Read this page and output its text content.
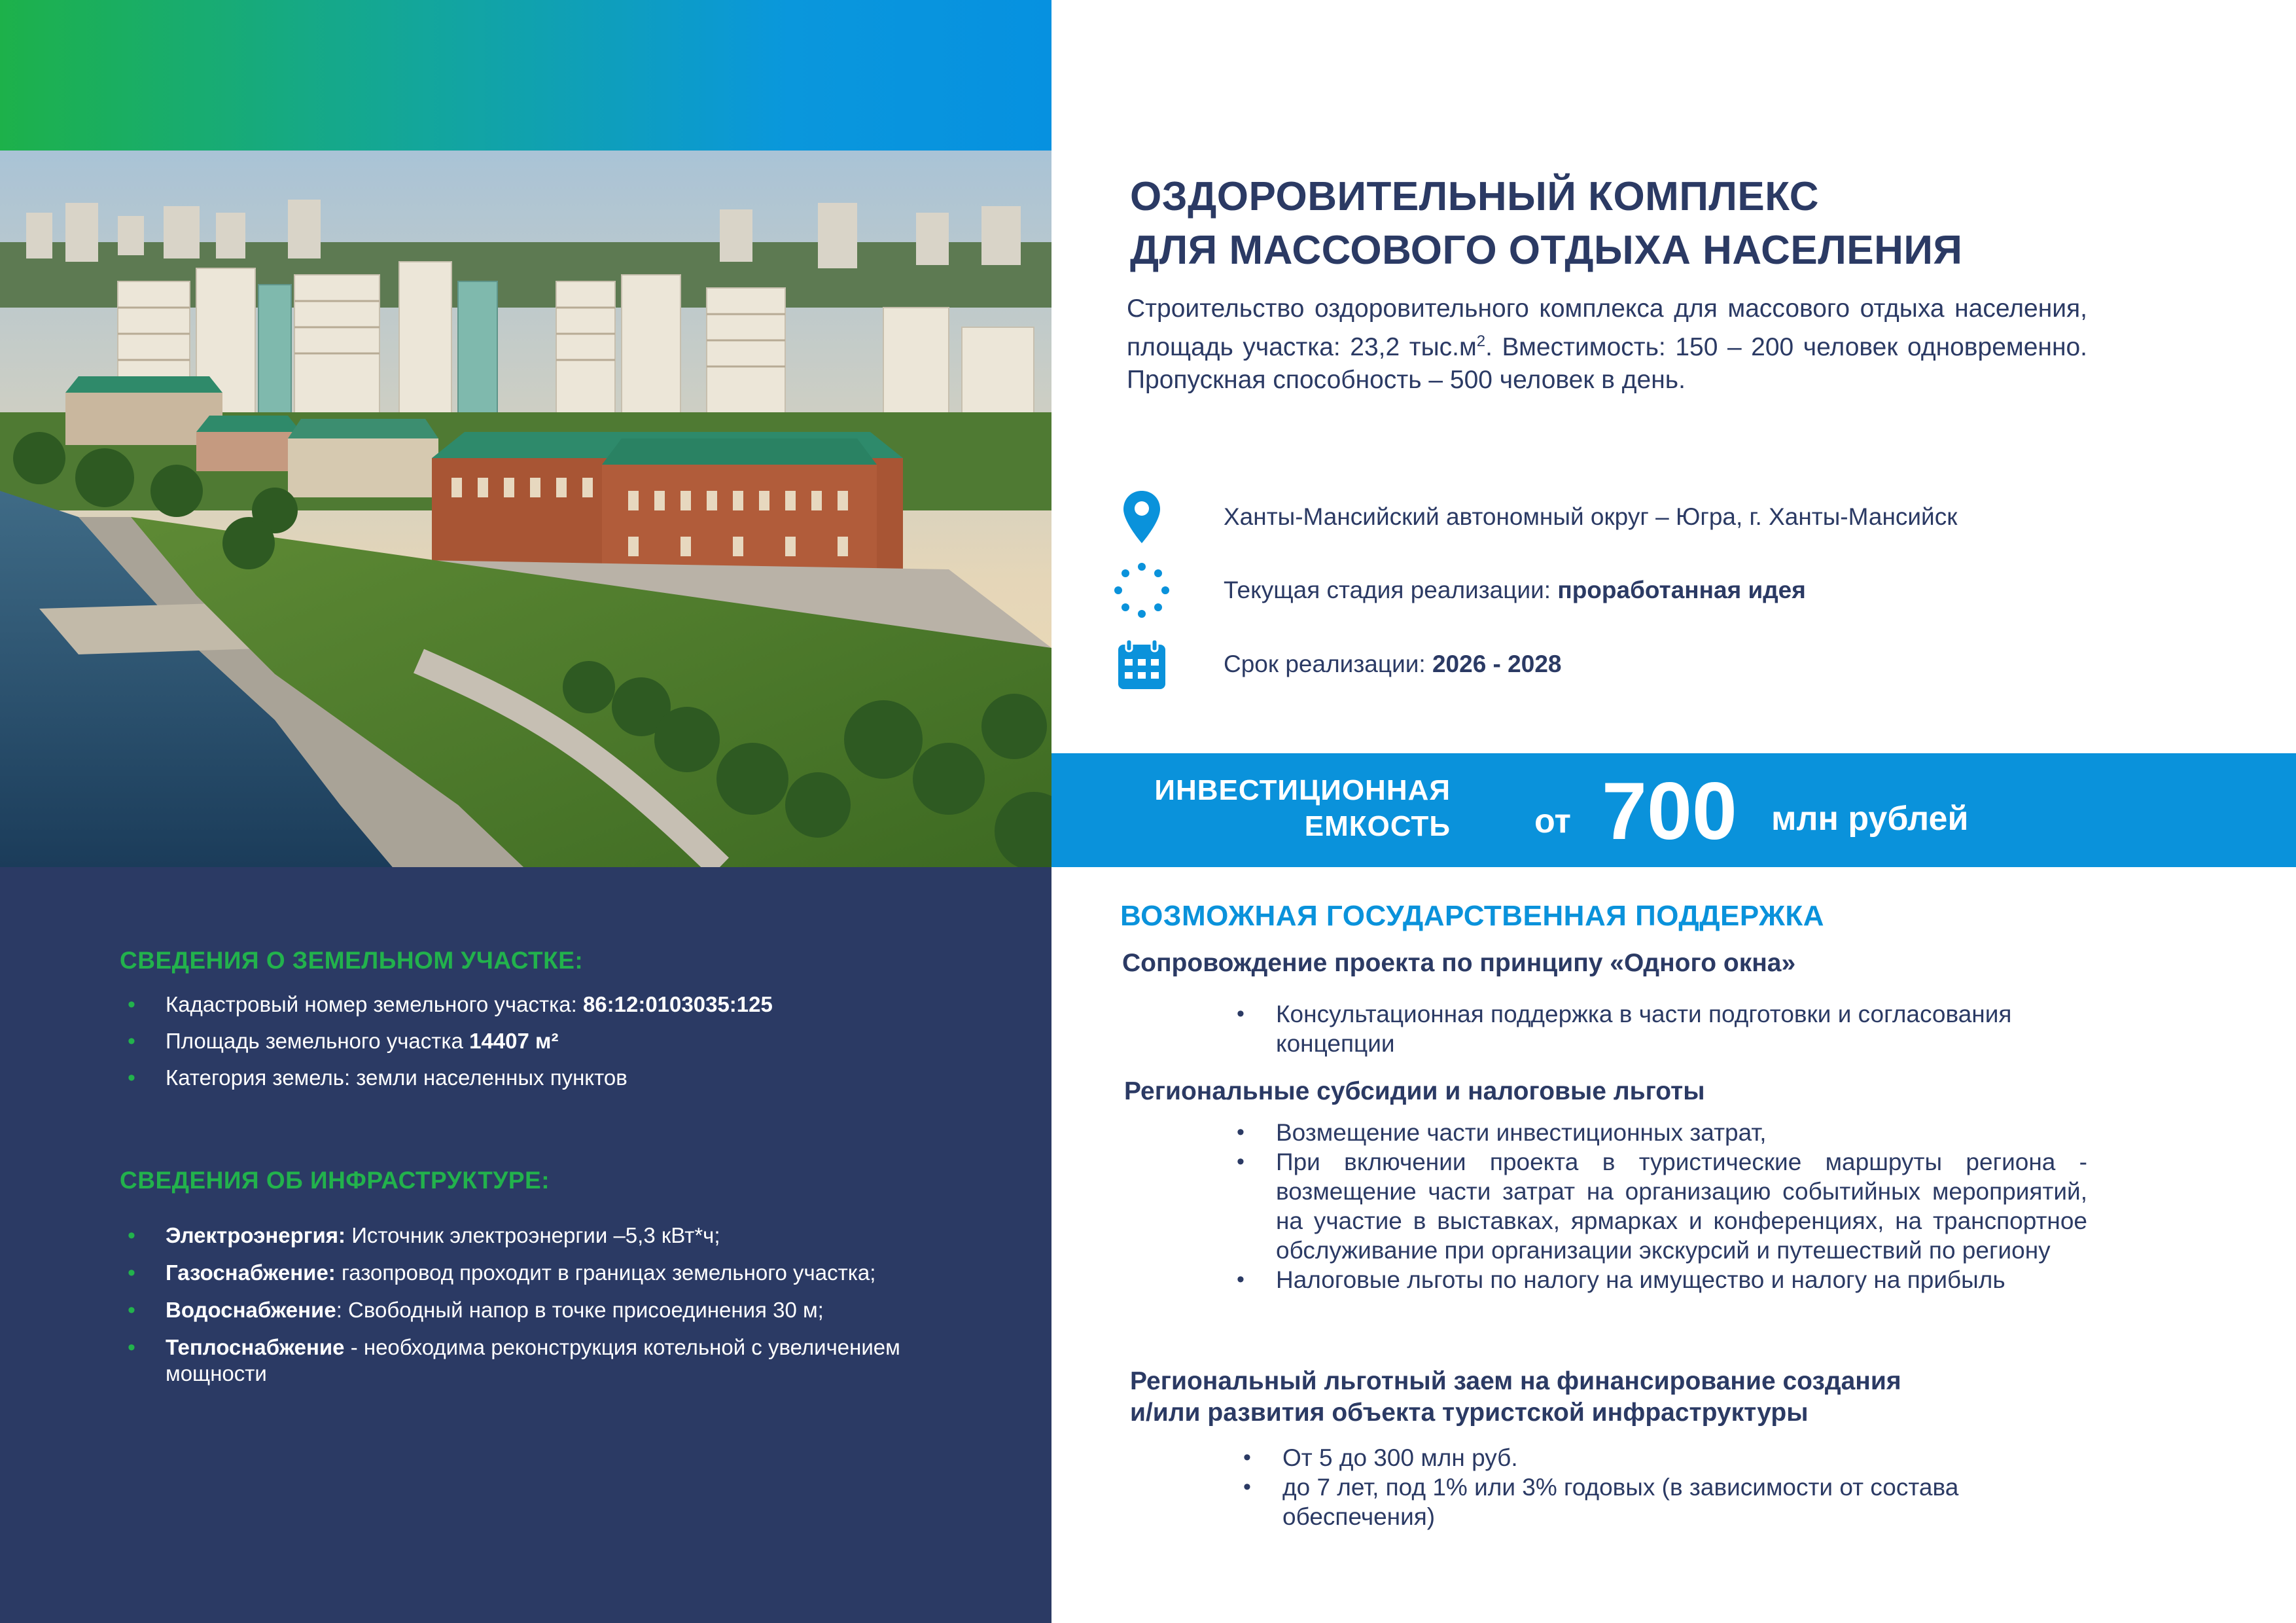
СВЕДЕНИЯ О ЗЕМЕЛЬНОМ УЧАСТКЕ:
• Кадастровый номер земельного участка: 86:12:0103035:125
• Площадь земельного участка 14407 м²
• Категория земель: земли населенных пунктов
СВЕДЕНИЯ ОБ ИНФРАСТРУКТУРЕ:
• Электроэнергия: Источник электроэнергии –5,3 кВт*ч;
• Газоснабжение: газопровод проходит в границах земельного участка;
• Водоснабжение: Свободный напор в точке присоединения 30 м;
• Теплоснабжение - необходима реконструкция котельной с увеличением мощности
ОЗДОРОВИТЕЛЬНЫЙ КОМПЛЕКС
ДЛЯ МАССОВОГО ОТДЫХА НАСЕЛЕНИЯ

Строительство оздоровительного комплекса для массового отдыха населения, площадь участка: 23,2 $тыс.м^2$. Вместимость: 150 – 200 человек одновременно. Пропускная способность – 500 человек в день.

Ханты-Мансийский автономный округ – Югра, г. Ханты-Мансийск
Текущая стадия реализации: проработанная идея
Срок реализации: 2026 - 2028
ИНВЕСТИЦИОННАЯ
ЕМКОСТЬ от 700 млн рублей
ВОЗМОЖНАЯ ГОСУДАРСТВЕННАЯ ПОДДЕРЖКА
Сопровождение проекта по принципу «Одного окна»
• Консультационная поддержка в части подготовки и согласования концепции
Региональные субсидии и налоговые льготы
• Возмещение части инвестиционных затрат,
• При включении проекта в туристические маршруты региона - возмещение части затрат на организацию событийных мероприятий, на участие в выставках, ярмарках и конференциях, на транспортное обслуживание при организации экскурсий и путешествий по региону
• Налоговые льготы по налогу на имущество и налогу на прибыль
Региональный льготный заем на финансирование создания
и/или развития объекта туристской инфраструктуры
• От 5 до 300 млн руб.
• до 7 лет, под 1% или 3% годовых (в зависимости от состава обеспечения)
